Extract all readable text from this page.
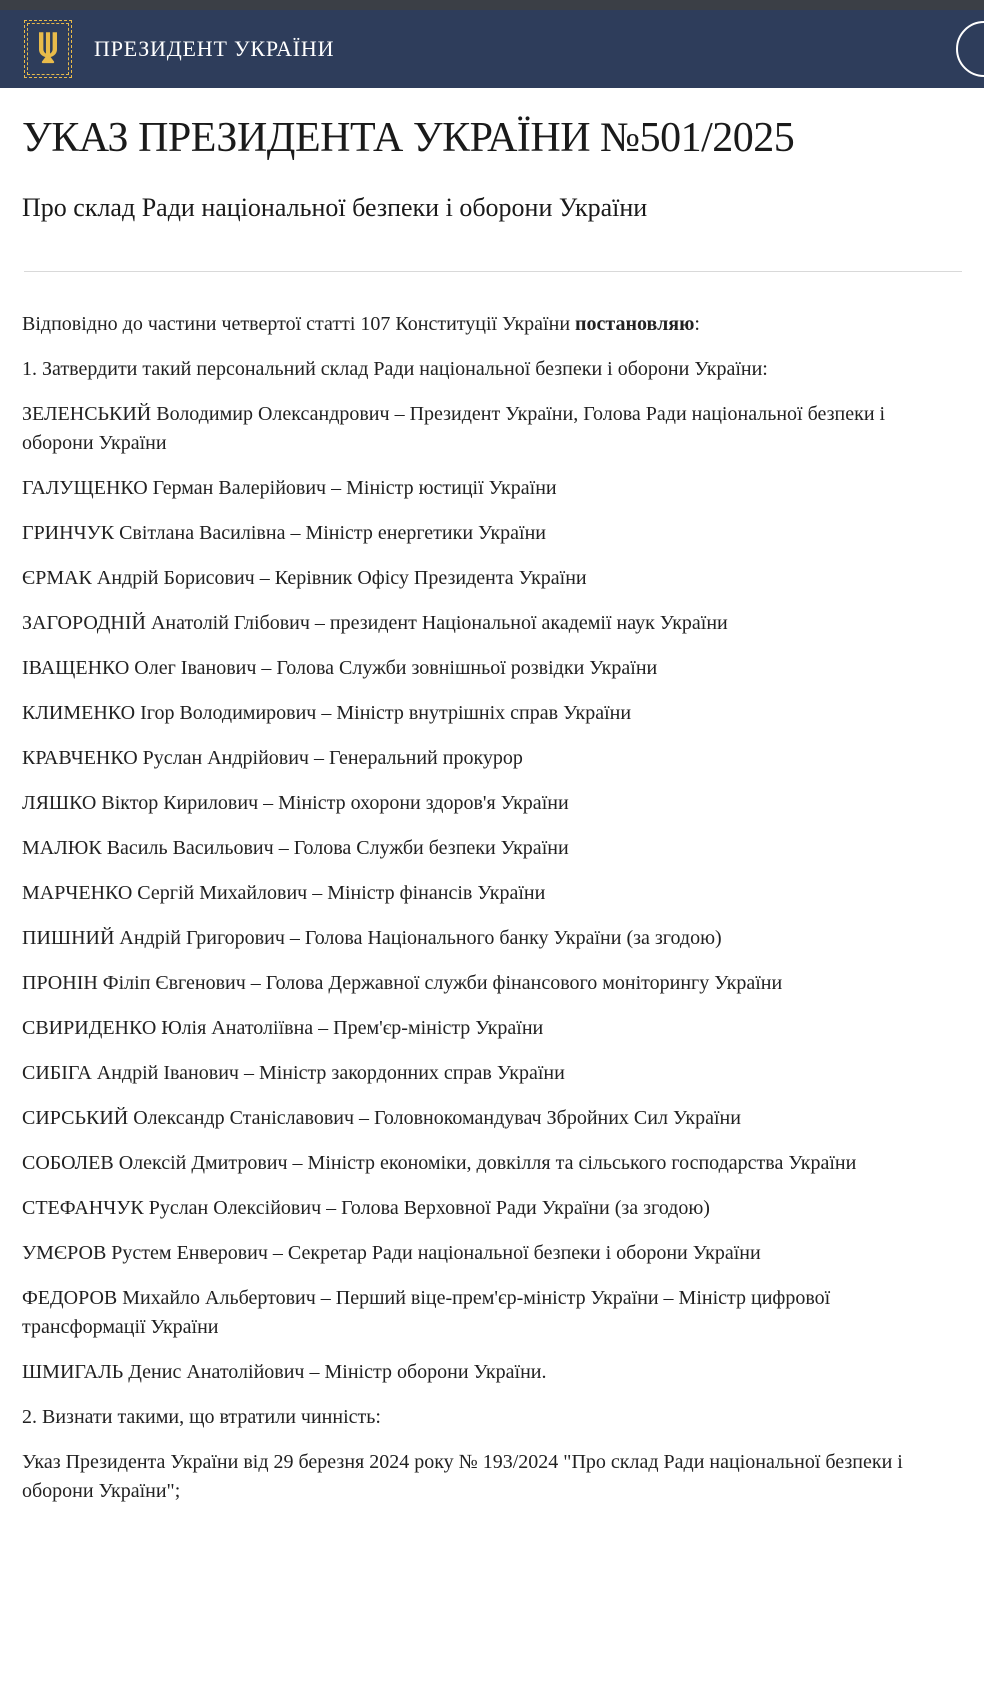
ПРЕЗИДЕНТ УКРАЇНИ
УКАЗ ПРЕЗИДЕНТА УКРАЇНИ №501/2025
Про склад Ради національної безпеки і оборони України

Відповідно до частини четвертої статті 107 Конституції України постановляю:

1. Затвердити такий персональний склад Ради національної безпеки і оборони України:

ЗЕЛЕНСЬКИЙ Володимир Олександрович – Президент України, Голова Ради національної безпеки і оборони України

ГАЛУЩЕНКО Герман Валерійович – Міністр юстиції України

ГРИНЧУК Світлана Василівна – Міністр енергетики України

ЄРМАК Андрій Борисович – Керівник Офісу Президента України

ЗАГОРОДНІЙ Анатолій Глібович – президент Національної академії наук України

ІВАЩЕНКО Олег Іванович – Голова Служби зовнішньої розвідки України

КЛИМЕНКО Ігор Володимирович – Міністр внутрішніх справ України

КРАВЧЕНКО Руслан Андрійович – Генеральний прокурор

ЛЯШКО Віктор Кирилович – Міністр охорони здоров'я України

МАЛЮК Василь Васильович – Голова Служби безпеки України

МАРЧЕНКО Сергій Михайлович – Міністр фінансів України

ПИШНИЙ Андрій Григорович – Голова Національного банку України (за згодою)

ПРОНІН Філіп Євгенович – Голова Державної служби фінансового моніторингу України

СВИРИДЕНКО Юлія Анатоліївна – Прем'єр-міністр України

СИБІГА Андрій Іванович – Міністр закордонних справ України

СИРСЬКИЙ Олександр Станіславович – Головнокомандувач Збройних Сил України

СОБОЛЕВ Олексій Дмитрович – Міністр економіки, довкілля та сільського господарства України

СТЕФАНЧУК Руслан Олексійович – Голова Верховної Ради України (за згодою)

УМЄРОВ Рустем Енверович – Секретар Ради національної безпеки і оборони України

ФЕДОРОВ Михайло Альбертович – Перший віце-прем'єр-міністр України – Міністр цифрової трансформації України

ШМИГАЛЬ Денис Анатолійович – Міністр оборони України.

2. Визнати такими, що втратили чинність:

Указ Президента України від 29 березня 2024 року № 193/2024 "Про склад Ради національної безпеки і оборони України";
